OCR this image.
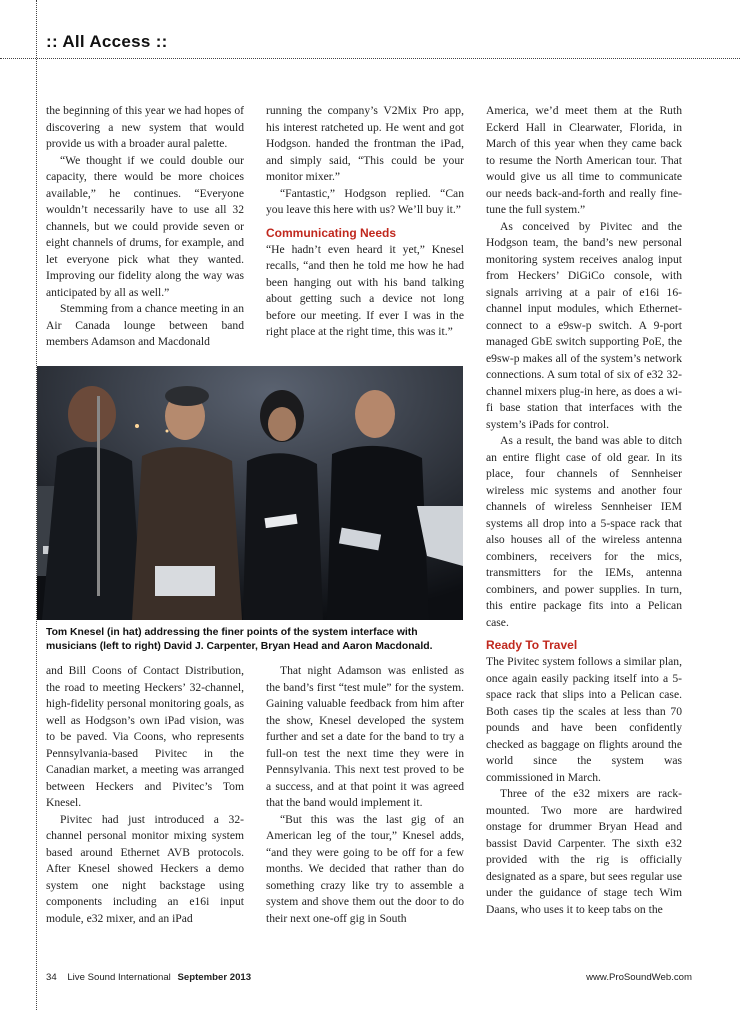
:: All Access ::

the beginning of this year we had hopes of discovering a new system that would provide us with a broader aural palette.

“We thought if we could double our capacity, there would be more choices available,” he continues. “Everyone wouldn’t necessarily have to use all 32 channels, but we could provide seven or eight channels of drums, for example, and let everyone pick what they wanted. Improving our fidelity along the way was anticipated by all as well.”

Stemming from a chance meeting in an Air Canada lounge between band members Adamson and Macdonald

running the company’s V2Mix Pro app, his interest ratcheted up. He went and got Hodgson. handed the frontman the iPad, and simply said, “This could be your monitor mixer.”

“Fantastic,” Hodgson replied. “Can you leave this here with us? We’ll buy it.”

Communicating Needs

“He hadn’t even heard it yet,” Knesel recalls, “and then he told me how he had been hanging out with his band talking about getting such a device not long before our meeting. If ever I was in the right place at the right time, this was it.”

America, we’d meet them at the Ruth Eckerd Hall in Clearwater, Florida, in March of this year when they came back to resume the North American tour. That would give us all time to communicate our needs back-and-forth and really fine-tune the full system.”

As conceived by Pivitec and the Hodgson team, the band’s new personal monitoring system receives analog input from Heckers’ DiGiCo console, with signals arriving at a pair of e16i 16-channel input modules, which Ethernet-connect to a e9sw-p switch. A 9-port managed GbE switch supporting PoE, the e9sw-p makes all of the system’s network connections. A sum total of six of e32 32-channel mixers plug-in here, as does a wi-fi base station that interfaces with the system’s iPads for control.

As a result, the band was able to ditch an entire flight case of old gear. In its place, four channels of Sennheiser wireless mic systems and another four channels of wireless Sennheiser IEM systems all drop into a 5-space rack that also houses all of the wireless antenna combiners, receivers for the mics, transmitters for the IEMs, antenna combiners, and power supplies. In turn, this entire package fits into a Pelican case.

Ready To Travel

The Pivitec system follows a similar plan, once again easily packing itself into a 5-space rack that slips into a Pelican case. Both cases tip the scales at less than 70 pounds and have been confidently checked as baggage on flights around the world since the system was commissioned in March.

Three of the e32 mixers are rack-mounted. Two more are hardwired onstage for drummer Bryan Head and bassist David Carpenter. The sixth e32 provided with the rig is officially designated as a spare, but sees regular use under the guidance of stage tech Wim Daans, who uses it to keep tabs on the

Tom Knesel (in hat) addressing the finer points of the system interface with musicians (left to right) David J. Carpenter, Bryan Head and Aaron Macdonald.

and Bill Coons of Contact Distribution, the road to meeting Heckers’ 32-channel, high-fidelity personal monitoring goals, as well as Hodgson’s own iPad vision, was to be paved. Via Coons, who represents Pennsylvania-based Pivitec in the Canadian market, a meeting was arranged between Heckers and Pivitec’s Tom Knesel.

Pivitec had just introduced a 32-channel personal monitor mixing system based around Ethernet AVB protocols. After Knesel showed Heckers a demo system one night backstage using components including an e16i input module, e32 mixer, and an iPad

That night Adamson was enlisted as the band’s first “test mule” for the system. Gaining valuable feedback from him after the show, Knesel developed the system further and set a date for the band to try a full-on test the next time they were in Pennsylvania. This next test proved to be a success, and at that point it was agreed that the band would implement it.

“But this was the last gig of an American leg of the tour,” Knesel adds, “and they were going to be off for a few months. We decided that rather than do something crazy like try to assemble a system and shove them out the door to do their next one-off gig in South

34 Live Sound International September 2013	www.ProSoundWeb.com
